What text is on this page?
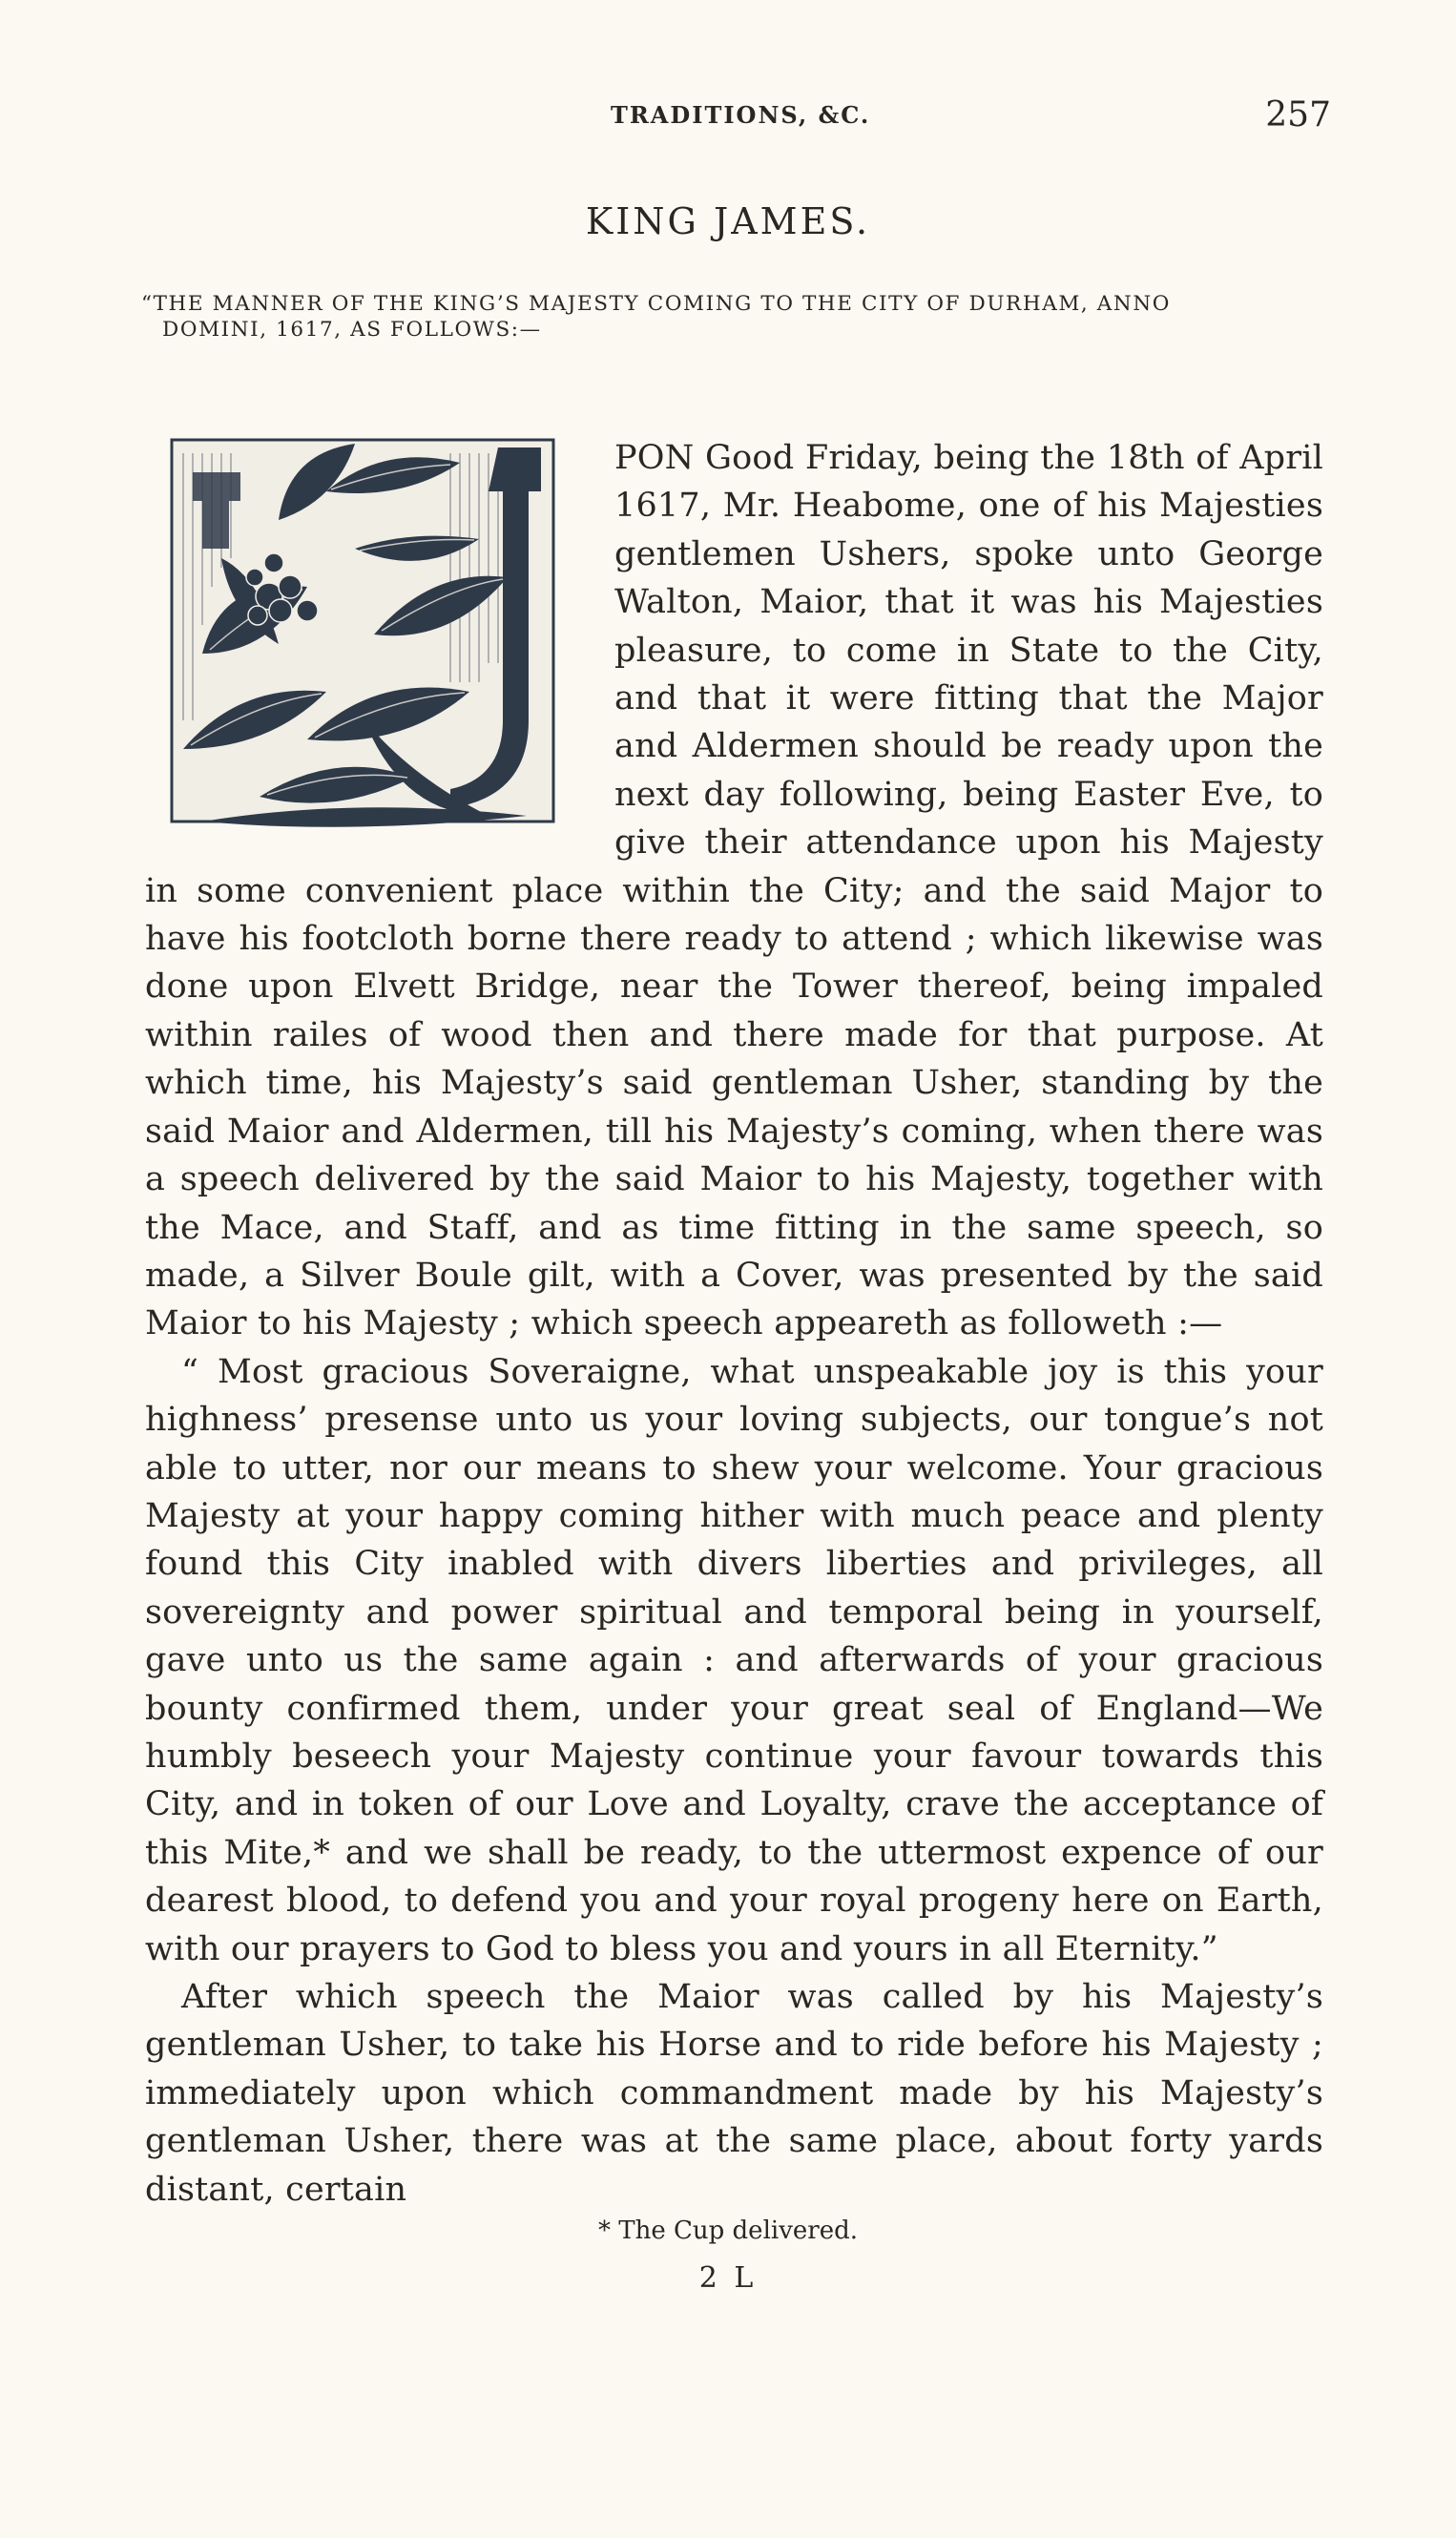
TRADITIONS, &C.	257
KING JAMES.
“THE MANNER OF THE KING’S MAJESTY COMING TO THE CITY OF DURHAM, ANNO
DOMINI, 1617, AS FOLLOWS:—

PON Good Friday, being the 18th of April 1617, Mr. Heabome, one of his Majesties gentlemen Ushers, spoke unto George Walton, Maior, that it was his Majesties pleasure, to come in State to the City, and that it were fitting that the Major and Aldermen should be ready upon the next day following, being Easter Eve, to give their attendance upon his Majesty in some convenient place within the City; and the said Major to have his footcloth borne there ready to attend ; which likewise was done upon Elvett Bridge, near the Tower thereof, being impaled within railes of wood then and there made for that purpose. At which time, his Majesty’s said gentleman Usher, standing by the said Maior and Aldermen, till his Majesty’s coming, when there was a speech delivered by the said Maior to his Majesty, together with the Mace, and Staff, and as time fitting in the same speech, so made, a Silver Boule gilt, with a Cover, was presented by the said Maior to his Majesty ; which speech appeareth as followeth :—

“ Most gracious Soveraigne, what unspeakable joy is this your highness’ presense unto us your loving subjects, our tongue’s not able to utter, nor our means to shew your welcome. Your gracious Majesty at your happy coming hither with much peace and plenty found this City inabled with divers liberties and privileges, all sovereignty and power spiritual and temporal being in yourself, gave unto us the same again : and afterwards of your gracious bounty confirmed them, under your great seal of England—We humbly beseech your Majesty continue your favour towards this City, and in token of our Love and Loyalty, crave the acceptance of this Mite,* and we shall be ready, to the uttermost expence of our dearest blood, to defend you and your royal progeny here on Earth, with our prayers to God to bless you and yours in all Eternity.”

After which speech the Maior was called by his Majesty’s gentleman Usher, to take his Horse and to ride before his Majesty ; immediately upon which commandment made by his Majesty’s gentleman Usher, there was at the same place, about forty yards distant, certain

* The Cup delivered.
2 L
